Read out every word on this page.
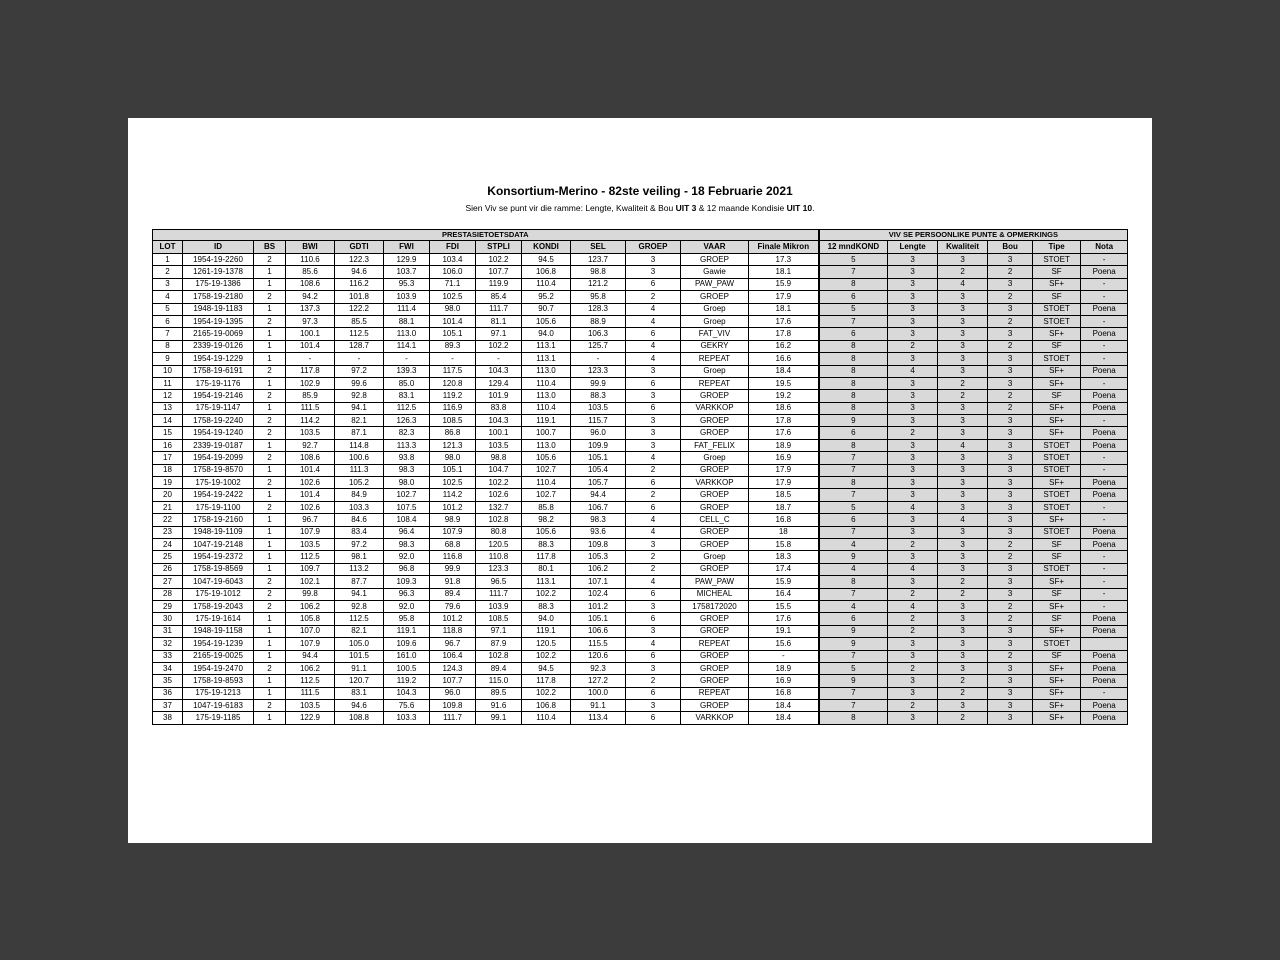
Konsortium-Merino - 82ste veiling - 18 Februarie 2021
Sien Viv se punt vir die ramme: Lengte, Kwaliteit & Bou UIT 3 & 12 maande Kondisie UIT 10.
PRESTASIETOETSDATA													VIV SE PERSOONLIKE PUNTE & OPMERKINGS					
LOT	ID	BS	BWI	GDTI	FWI	FDI	STPLI	KONDI	SEL	GROEP	VAAR	Finale Mikron	12 mndKOND	Lengte	Kwaliteit	Bou	Tipe	Nota
1	1954-19-2260	2	110.6	122.3	129.9	103.4	102.2	94.5	123.7	3	GROEP	17.3	5	3	3	3	STOET	-
2	1261-19-1378	1	85.6	94.6	103.7	106.0	107.7	106.8	98.8	3	Gawie	18.1	7	3	2	2	SF	Poena
3	175-19-1386	1	108.6	116.2	95.3	71.1	119.9	110.4	121.2	6	PAW_PAW	15.9	8	3	4	3	SF+	-
4	1758-19-2180	2	94.2	101.8	103.9	102.5	85.4	95.2	95.8	2	GROEP	17.9	6	3	3	2	SF	-
5	1948-19-1183	1	137.3	122.2	111.4	98.0	111.7	90.7	128.3	4	Groep	18.1	5	3	3	3	STOET	Poena
6	1954-19-1395	2	97.3	85.5	88.1	101.4	81.1	105.6	88.9	4	Groep	17.6	7	3	3	2	STOET	-
7	2165-19-0069	1	100.1	112.5	113.0	105.1	97.1	94.0	106.3	6	FAT_VIV	17.8	6	3	3	3	SF+	Poena
8	2339-19-0126	1	101.4	128.7	114.1	89.3	102.2	113.1	125.7	4	GEKRY	16.2	8	2	3	2	SF	-
9	1954-19-1229	1	-	-	-	-	-	113.1	-	4	REPEAT	16.6	8	3	3	3	STOET	-
10	1758-19-6191	2	117.8	97.2	139.3	117.5	104.3	113.0	123.3	3	Groep	18.4	8	4	3	3	SF+	Poena
11	175-19-1176	1	102.9	99.6	85.0	120.8	129.4	110.4	99.9	6	REPEAT	19.5	8	3	2	3	SF+	-
12	1954-19-2146	2	85.9	92.8	83.1	119.2	101.9	113.0	88.3	3	GROEP	19.2	8	3	2	2	SF	Poena
13	175-19-1147	1	111.5	94.1	112.5	116.9	83.8	110.4	103.5	6	VARKKOP	18.6	8	3	3	2	SF+	Poena
14	1758-19-2240	2	114.2	82.1	126.3	108.5	104.3	119.1	115.7	3	GROEP	17.8	9	3	3	3	SF+	-
15	1954-19-1240	2	103.5	87.1	82.3	86.8	100.1	100.7	96.0	3	GROEP	17.6	6	2	3	3	SF+	Poena
16	2339-19-0187	1	92.7	114.8	113.3	121.3	103.5	113.0	109.9	3	FAT_FELIX	18.9	8	3	4	3	STOET	Poena
17	1954-19-2099	2	108.6	100.6	93.8	98.0	98.8	105.6	105.1	4	Groep	16.9	7	3	3	3	STOET	-
18	1758-19-8570	1	101.4	111.3	98.3	105.1	104.7	102.7	105.4	2	GROEP	17.9	7	3	3	3	STOET	-
19	175-19-1002	2	102.6	105.2	98.0	102.5	102.2	110.4	105.7	6	VARKKOP	17.9	8	3	3	3	SF+	Poena
20	1954-19-2422	1	101.4	84.9	102.7	114.2	102.6	102.7	94.4	2	GROEP	18.5	7	3	3	3	STOET	Poena
21	175-19-1100	2	102.6	103.3	107.5	101.2	132.7	85.8	106.7	6	GROEP	18.7	5	4	3	3	STOET	-
22	1758-19-2160	1	96.7	84.6	108.4	98.9	102.8	98.2	98.3	4	CELL_C	16.8	6	3	4	3	SF+	-
23	1948-19-1109	1	107.9	83.4	96.4	107.9	80.8	105.6	93.6	4	GROEP	18	7	3	3	3	STOET	Poena
24	1047-19-2148	1	103.5	97.2	98.3	68.8	120.5	88.3	109.8	3	GROEP	15.8	4	2	3	2	SF	Poena
25	1954-19-2372	1	112.5	98.1	92.0	116.8	110.8	117.8	105.3	2	Groep	18.3	9	3	3	2	SF	-
26	1758-19-8569	1	109.7	113.2	96.8	99.9	123.3	80.1	106.2	2	GROEP	17.4	4	4	3	3	STOET	-
27	1047-19-6043	2	102.1	87.7	109.3	91.8	96.5	113.1	107.1	4	PAW_PAW	15.9	8	3	2	3	SF+	-
28	175-19-1012	2	99.8	94.1	96.3	89.4	111.7	102.2	102.4	6	MICHEAL	16.4	7	2	2	3	SF	-
29	1758-19-2043	2	106.2	92.8	92.0	79.6	103.9	88.3	101.2	3	1758172020	15.5	4	4	3	2	SF+	-
30	175-19-1614	1	105.8	112.5	95.8	101.2	108.5	94.0	105.1	6	GROEP	17.6	6	2	3	2	SF	Poena
31	1948-19-1158	1	107.0	82.1	119.1	118.8	97.1	119.1	106.6	3	GROEP	19.1	9	2	3	3	SF+	Poena
32	1954-19-1239	1	107.9	105.0	109.6	96.7	87.9	120.5	115.5	4	REPEAT	15.6	9	3	3	3	STOET	
33	2165-19-0025	1	94.4	101.5	161.0	106.4	102.8	102.2	120.6	6	GROEP	-	7	3	3	2	SF	Poena
34	1954-19-2470	2	106.2	91.1	100.5	124.3	89.4	94.5	92.3	3	GROEP	18.9	5	2	3	3	SF+	Poena
35	1758-19-8593	1	112.5	120.7	119.2	107.7	115.0	117.8	127.2	2	GROEP	16.9	9	3	2	3	SF+	Poena
36	175-19-1213	1	111.5	83.1	104.3	96.0	89.5	102.2	100.0	6	REPEAT	16.8	7	3	2	3	SF+	-
37	1047-19-6183	2	103.5	94.6	75.6	109.8	91.6	106.8	91.1	3	GROEP	18.4	7	2	3	3	SF+	Poena
38	175-19-1185	1	122.9	108.8	103.3	111.7	99.1	110.4	113.4	6	VARKKOP	18.4	8	3	2	3	SF+	Poena
